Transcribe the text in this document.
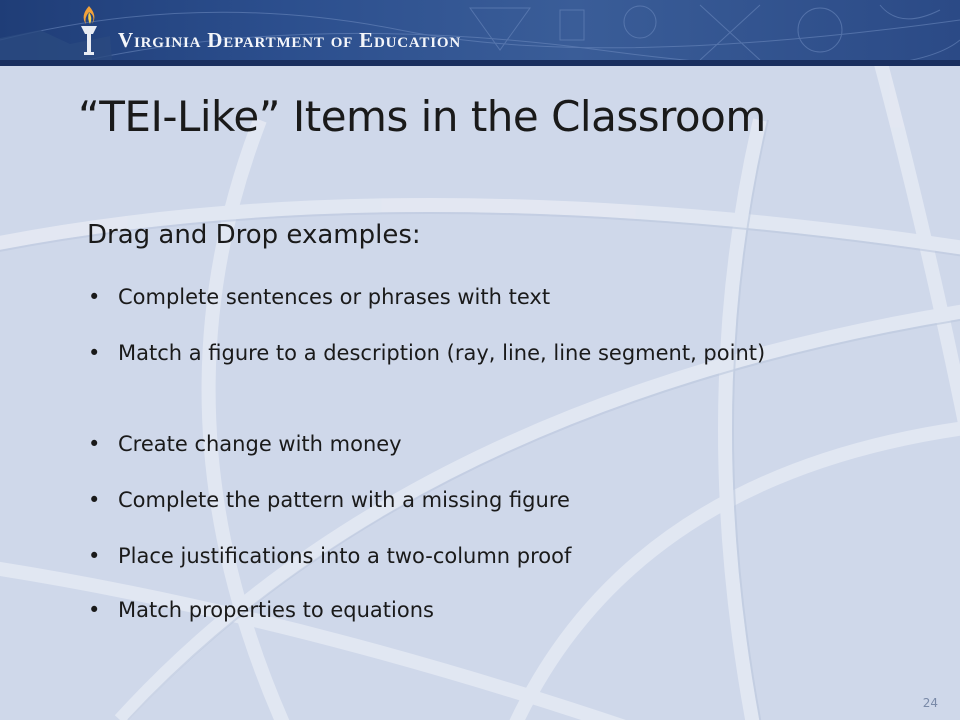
Virginia Department of Education
“TEI-Like” Items in the Classroom
Drag and Drop examples:
• Complete sentences or phrases with text
• Match a figure to a description (ray, line, line segment, point)
• Create change with money
• Complete the pattern with a missing figure
• Place justifications into a two-column proof
• Match properties to equations
24
